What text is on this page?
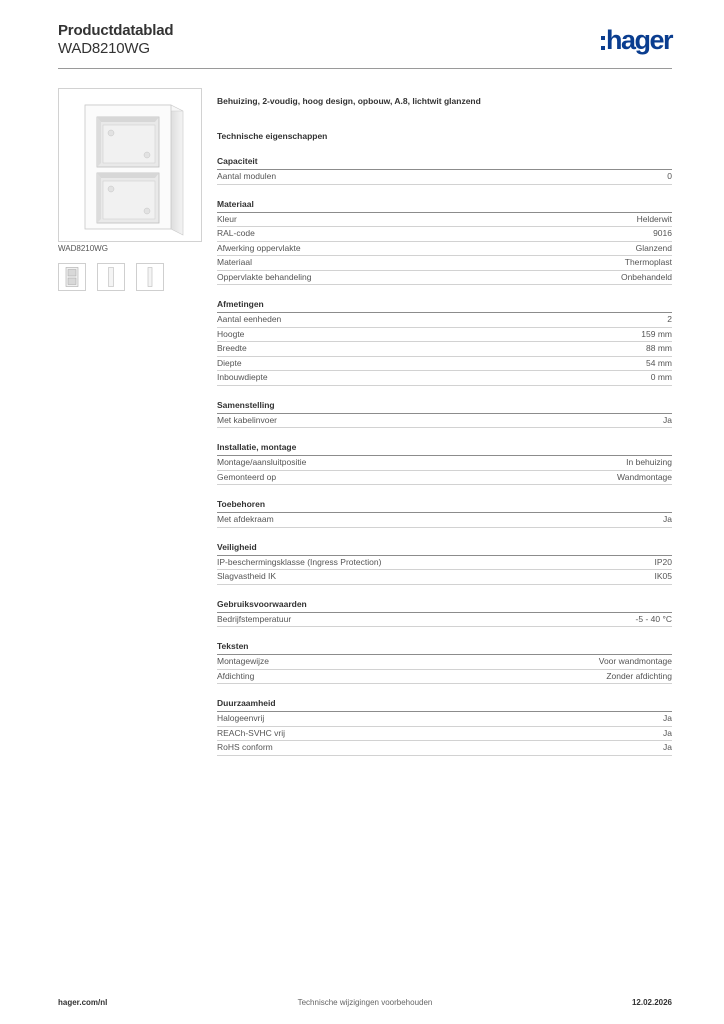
Productdatablad
WAD8210WG	hager
WAD8210WG
Behuizing, 2-voudig, hoog design, opbouw, A.8, lichtwit glanzend
Technische eigenschappen
Capaciteit
Aantal modulen	0
Materiaal
Kleur	Helderwit
RAL-code	9016
Afwerking oppervlakte	Glanzend
Materiaal	Thermoplast
Oppervlakte behandeling	Onbehandeld
Afmetingen
Aantal eenheden	2
Hoogte	159 mm
Breedte	88 mm
Diepte	54 mm
Inbouwdiepte	0 mm
Samenstelling
Met kabelinvoer	Ja
Installatie, montage
Montage/aansluitpositie	In behuizing
Gemonteerd op	Wandmontage
Toebehoren
Met afdekraam	Ja
Veiligheid
IP-beschermingsklasse (Ingress Protection)	IP20
Slagvastheid IK	IK05
Gebruiksvoorwaarden
Bedrijfstemperatuur	-5 - 40 °C
Teksten
Montagewijze	Voor wandmontage
Afdichting	Zonder afdichting
Duurzaamheid
Halogeenvrij	Ja
REACh-SVHC vrij	Ja
RoHS conform	Ja
hager.com/nl	Technische wijzigingen voorbehouden	12.02.2026
